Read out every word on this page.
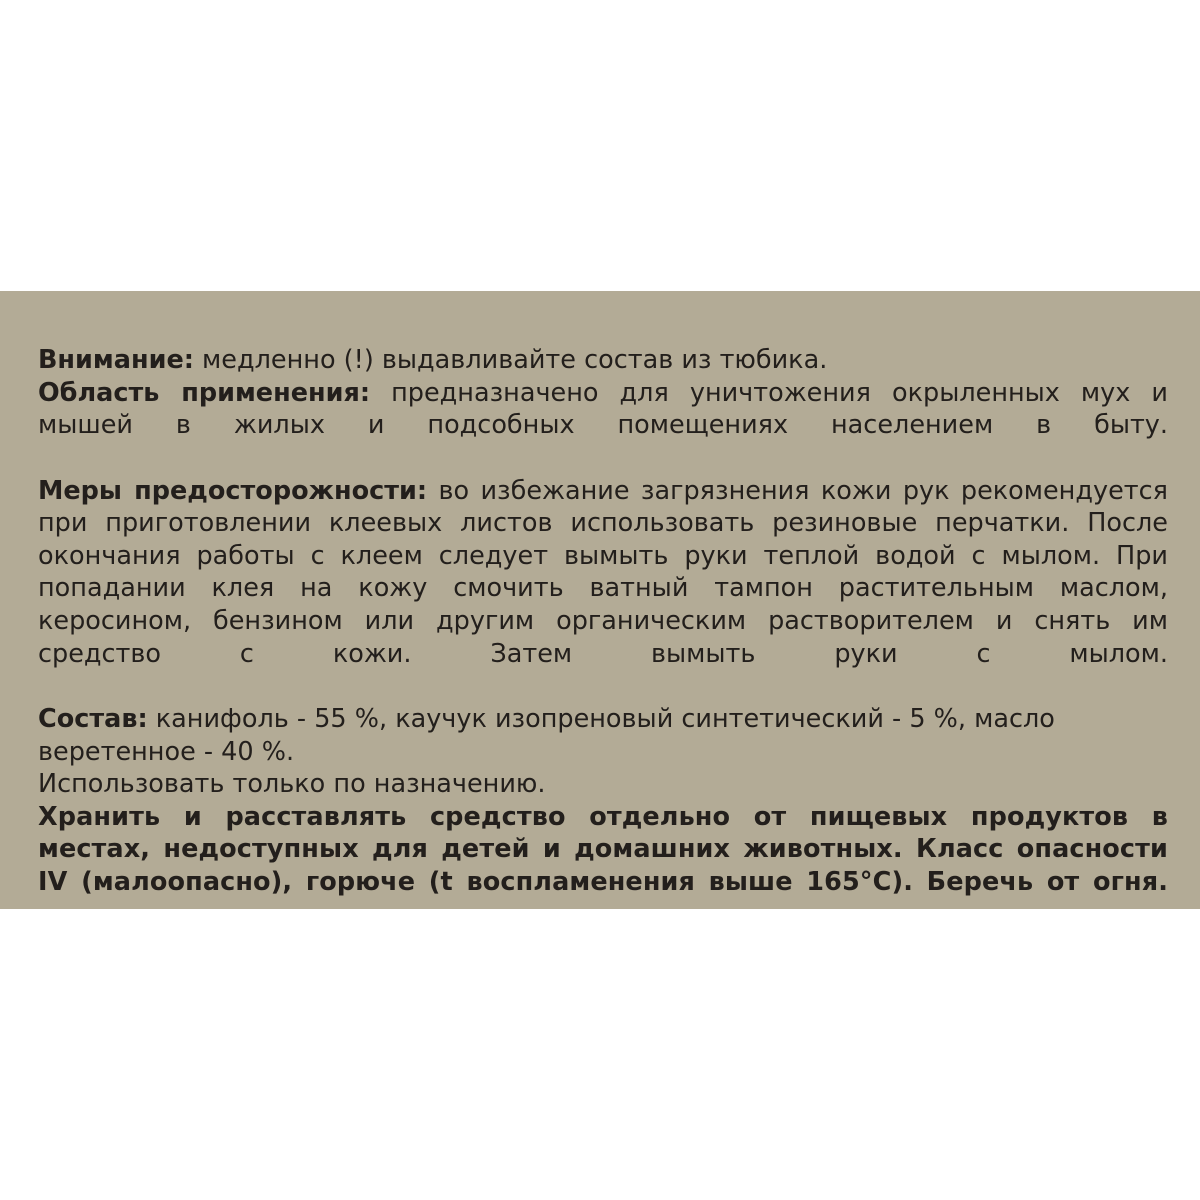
Внимание: медленно (!) выдавливайте состав из тюбика.

Область применения: предназначено для уничтожения окрыленных мух и мышей в жилых и подсобных помещениях населением в быту.

Меры предосторожности: во избежание загрязнения кожи рук рекомендуется при приготовлении клеевых листов использовать резиновые перчатки. После окончания работы с клеем следует вымыть руки теплой водой с мылом. При попадании клея на кожу смочить ватный тампон растительным маслом, керосином, бензином или другим органическим растворителем и снять им средство с кожи. Затем вымыть руки с мылом.

Состав: канифоль - 55 %, каучук изопреновый синтетический - 5 %, масло веретенное - 40 %.

Использовать только по назначению.

Хранить и расставлять средство отдельно от пищевых продуктов в местах, недоступных для детей и домашних животных. Класс опасности IV (малоопасно), горюче (t воспламенения выше 165°С). Беречь от огня.
